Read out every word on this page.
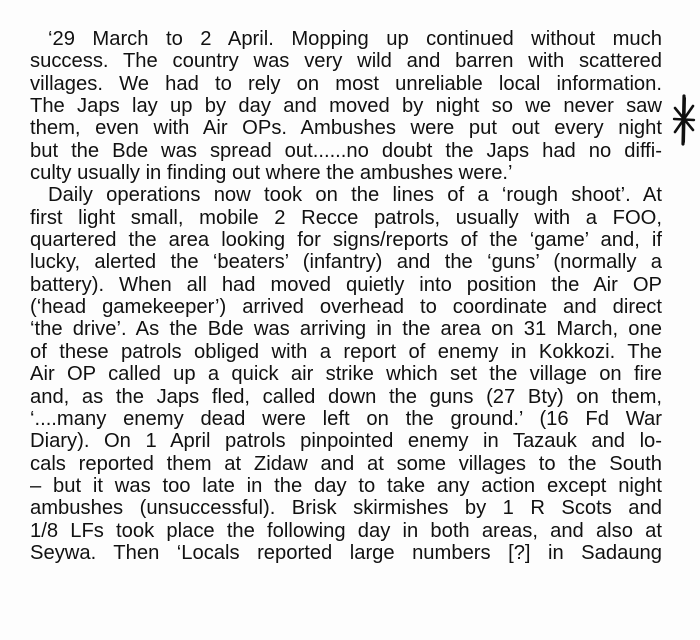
‘29 March to 2 April. Mopping up continued without much
success. The country was very wild and barren with scattered
villages. We had to rely on most unreliable local information.
The Japs lay up by day and moved by night so we never saw
them, even with Air OPs. Ambushes were put out every night
but the Bde was spread out......no doubt the Japs had no diffi-
culty usually in finding out where the ambushes were.’
Daily operations now took on the lines of a ‘rough shoot’. At
first light small, mobile 2 Recce patrols, usually with a FOO,
quartered the area looking for signs/reports of the ‘game’ and, if
lucky, alerted the ‘beaters’ (infantry) and the ‘guns’ (normally a
battery). When all had moved quietly into position the Air OP
(‘head gamekeeper’) arrived overhead to coordinate and direct
‘the drive’. As the Bde was arriving in the area on 31 March, one
of these patrols obliged with a report of enemy in Kokkozi. The
Air OP called up a quick air strike which set the village on fire
and, as the Japs fled, called down the guns (27 Bty) on them,
‘....many enemy dead were left on the ground.’ (16 Fd War
Diary). On 1 April patrols pinpointed enemy in Tazauk and lo-
cals reported them at Zidaw and at some villages to the South
– but it was too late in the day to take any action except night
ambushes (unsuccessful). Brisk skirmishes by 1 R Scots and
1/8 LFs took place the following day in both areas, and also at
Seywa. Then ‘Locals reported large numbers [?] in Sadaung
